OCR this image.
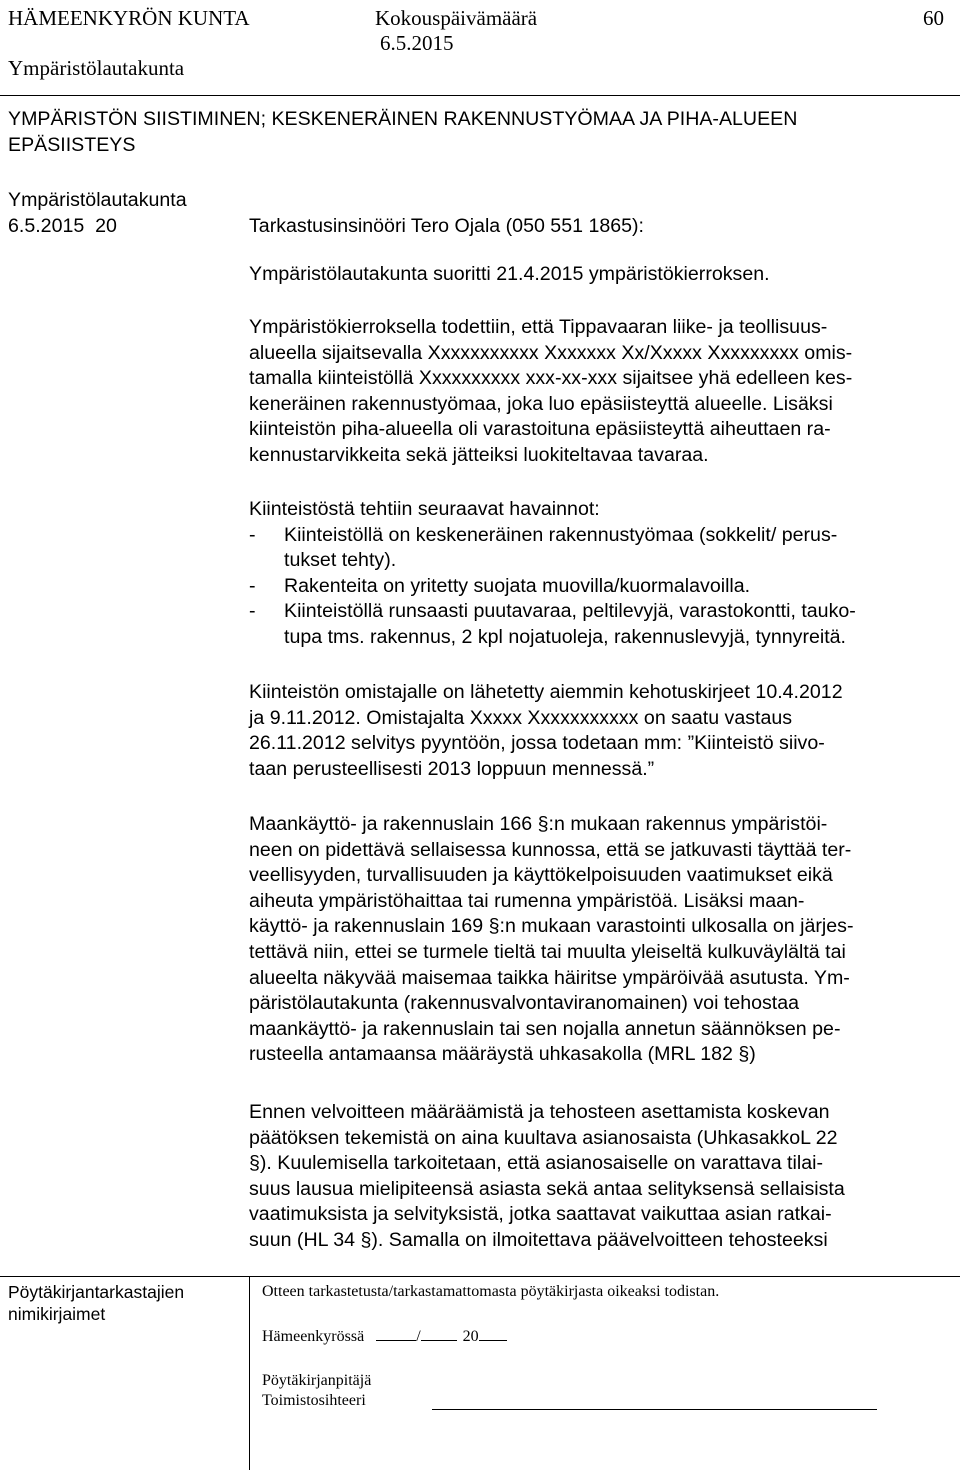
HÄMEENKYRÖN KUNTA	Kokouspäivämäärä
6.5.2015
60
Ympäristölautakunta
YMPÄRISTÖN SIISTIMINEN; KESKENERÄINEN RAKENNUSTYÖMAA JA PIHA-ALUEEN
EPÄSIISTEYS
Ympäristölautakunta
6.5.2015  20	Tarkastusinsinööri Tero Ojala (050 551 1865):
Ympäristölautakunta suoritti 21.4.2015 ympäristökierroksen.
Ympäristökierroksella todettiin, että Tippavaaran liike- ja teollisuus-
alueella sijaitsevalla Xxxxxxxxxxx Xxxxxxx Xx/Xxxxx Xxxxxxxxx omis-
tamalla kiinteistöllä Xxxxxxxxxx xxx-xx-xxx sijaitsee yhä edelleen kes-
keneräinen rakennustyömaa, joka luo epäsiisteyttä alueelle. Lisäksi
kiinteistön piha-alueella oli varastoituna epäsiisteyttä aiheuttaen ra-
kennustarvikkeita sekä jätteiksi luokiteltavaa tavaraa.
Kiinteistöstä tehtiin seuraavat havainnot:
- Kiinteistöllä on keskeneräinen rakennustyömaa (sokkelit/ perus-
tukset tehty).
- Rakenteita on yritetty suojata muovilla/kuormalavoilla.
- Kiinteistöllä runsaasti puutavaraa, peltilevyjä, varastokontti, tauko-
tupa tms. rakennus, 2 kpl nojatuoleja, rakennuslevyjä, tynnyreitä.
Kiinteistön omistajalle on lähetetty aiemmin kehotuskirjeet 10.4.2012
ja 9.11.2012. Omistajalta Xxxxx Xxxxxxxxxxx on saatu vastaus
26.11.2012 selvitys pyyntöön, jossa todetaan mm: ”Kiinteistö siivo-
taan perusteellisesti 2013 loppuun mennessä.”
Maankäyttö- ja rakennuslain 166 §:n mukaan rakennus ympäristöi-
neen on pidettävä sellaisessa kunnossa, että se jatkuvasti täyttää ter-
veellisyyden, turvallisuuden ja käyttökelpoisuuden vaatimukset eikä
aiheuta ympäristöhaittaa tai rumenna ympäristöä. Lisäksi maan-
käyttö- ja rakennuslain 169 §:n mukaan varastointi ulkosalla on järjes-
tettävä niin, ettei se turmele tieltä tai muulta yleiseltä kulkuväylältä tai
alueelta näkyvää maisemaa taikka häiritse ympäröivää asutusta. Ym-
päristölautakunta (rakennusvalvontaviranomainen) voi tehostaa
maankäyttö- ja rakennuslain tai sen nojalla annetun säännöksen pe-
rusteella antamaansa määräystä uhkasakolla (MRL 182 §)
Ennen velvoitteen määräämistä ja tehosteen asettamista koskevan
päätöksen tekemistä on aina kuultava asianosaista (UhkasakkoL 22
§). Kuulemisella tarkoitetaan, että asianosaiselle on varattava tilai-
suus lausua mielipiteensä asiasta sekä antaa selityksensä sellaisista
vaatimuksista ja selvityksistä, jotka saattavat vaikuttaa asian ratkai-
suun (HL 34 §). Samalla on ilmoitettava päävelvoitteen tehosteeksi
Pöytäkirjantarkastajien
nimikirjaimet
Otteen tarkastetusta/tarkastamattomasta pöytäkirjasta oikeaksi todistan.
Hämeenkyrössä	/	20
Pöytäkirjanpitäjä
Toimistosihteeri
